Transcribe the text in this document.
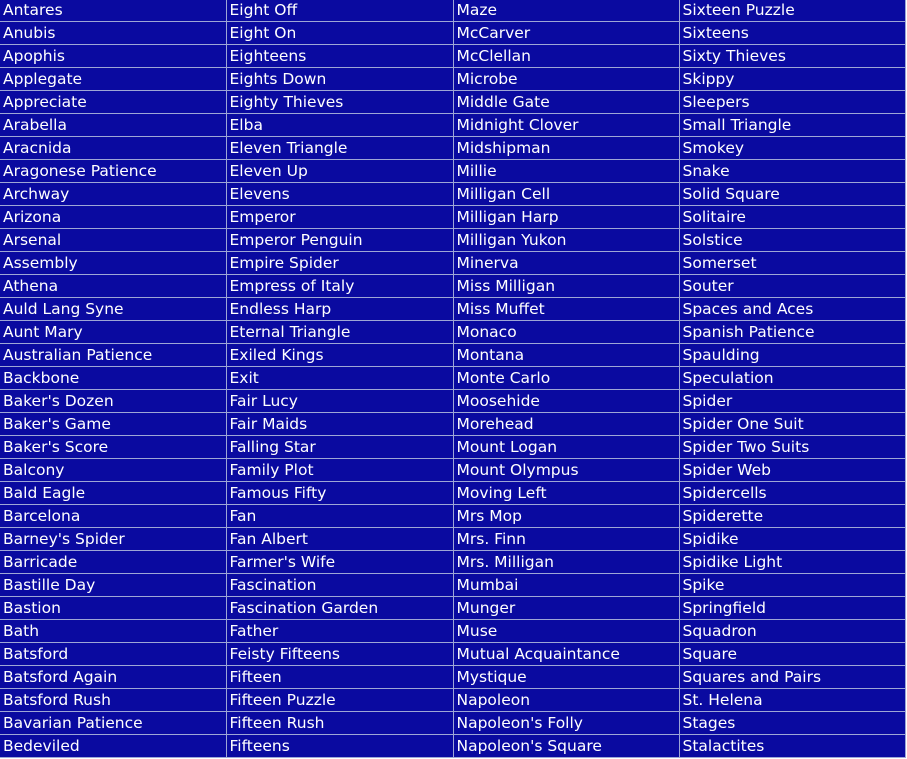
Antares	Eight Off	Maze	Sixteen Puzzle
Anubis	Eight On	McCarver	Sixteens
Apophis	Eighteens	McClellan	Sixty Thieves
Applegate	Eights Down	Microbe	Skippy
Appreciate	Eighty Thieves	Middle Gate	Sleepers
Arabella	Elba	Midnight Clover	Small Triangle
Aracnida	Eleven Triangle	Midshipman	Smokey
Aragonese Patience	Eleven Up	Millie	Snake
Archway	Elevens	Milligan Cell	Solid Square
Arizona	Emperor	Milligan Harp	Solitaire
Arsenal	Emperor Penguin	Milligan Yukon	Solstice
Assembly	Empire Spider	Minerva	Somerset
Athena	Empress of Italy	Miss Milligan	Souter
Auld Lang Syne	Endless Harp	Miss Muffet	Spaces and Aces
Aunt Mary	Eternal Triangle	Monaco	Spanish Patience
Australian Patience	Exiled Kings	Montana	Spaulding
Backbone	Exit	Monte Carlo	Speculation
Baker's Dozen	Fair Lucy	Moosehide	Spider
Baker's Game	Fair Maids	Morehead	Spider One Suit
Baker's Score	Falling Star	Mount Logan	Spider Two Suits
Balcony	Family Plot	Mount Olympus	Spider Web
Bald Eagle	Famous Fifty	Moving Left	Spidercells
Barcelona	Fan	Mrs Mop	Spiderette
Barney's Spider	Fan Albert	Mrs. Finn	Spidike
Barricade	Farmer's Wife	Mrs. Milligan	Spidike Light
Bastille Day	Fascination	Mumbai	Spike
Bastion	Fascination Garden	Munger	Springfield
Bath	Father	Muse	Squadron
Batsford	Feisty Fifteens	Mutual Acquaintance	Square
Batsford Again	Fifteen	Mystique	Squares and Pairs
Batsford Rush	Fifteen Puzzle	Napoleon	St. Helena
Bavarian Patience	Fifteen Rush	Napoleon's Folly	Stages
Bedeviled	Fifteens	Napoleon's Square	Stalactites
